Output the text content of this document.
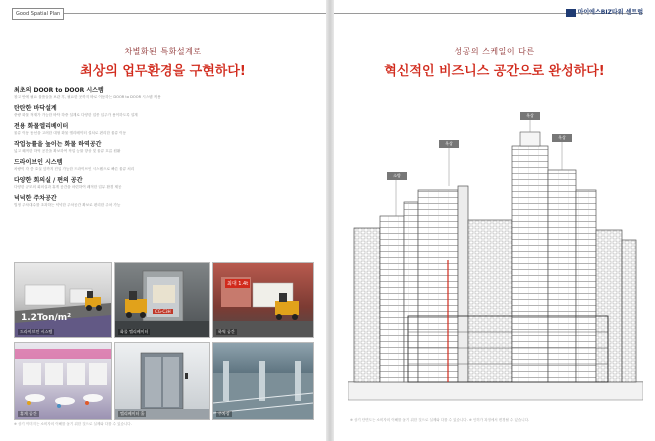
Good Spatial Plan
차별화된 특화설계로
최상의 업무환경을 구현하다!
최초의 DOOR to DOOR 시스템

창고 안에 필요 물품들을 보관 후, 필요한 곳까지 바로 이동하는 DOOR to DOOR 시스템 적용

탄탄한 바닥설계

중량 화물 적재가 가능한 바닥 하중 설계로 다양한 업종 입주가 용이하도록 설계

전용 화물엘리베이터

물류 이동 동선을 고려한 대형 화물 엘리베이터 설치로 편리한 물류 이동

작업능률을 높이는 화물 하역공간

넓고 쾌적한 하역 공간을 확보하여 작업 능률 향상 및 물류 흐름 원활

드라이브인 시스템

차량이 각 층 호실 앞까지 진입 가능한 드라이브인 시스템으로 빠른 물류 처리

다양한 회의실 / 편의 공간

다양한 규모의 회의실과 휴게 공간을 마련하여 쾌적한 업무 환경 제공

넉넉한 주차공간

법정 주차대수를 초과하는 넉넉한 주차공간 확보로 편리한 주차 가능

1.2Ton/m²
드라이브인 시스템
CG-C3H
화물 엘리베이터
최대 1.4t
하역 공간
휴게 공간	엘리베이터 홀	주차장
※ 상기 이미지는 소비자의 이해를 돕기 위한 것으로 실제와 다를 수 있습니다.
마이에스BIZ타워 센트럼
성공의 스케일이 다른
혁신적인 비즈니스 공간으로 완성하다!
소방
옥상
옥상
옥상
※ 상기 단면도는 소비자의 이해를 돕기 위한 것으로 실제와 다를 수 있습니다. ※ 인허가 과정에서 변경될 수 있습니다.
